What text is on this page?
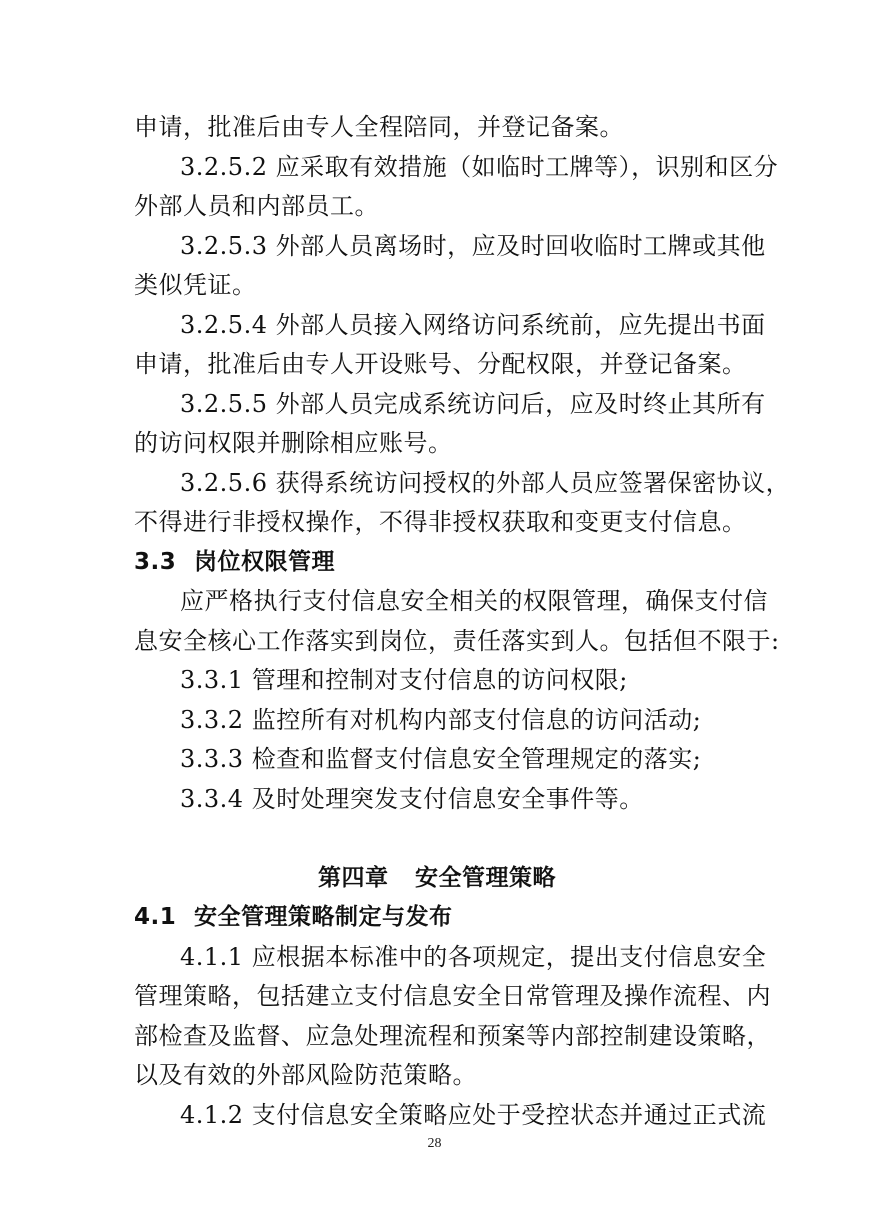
申请，批准后由专人全程陪同，并登记备案。
3.2.5.2 应采取有效措施（如临时工牌等），识别和区分
外部人员和内部员工。
3.2.5.3 外部人员离场时，应及时回收临时工牌或其他
类似凭证。
3.2.5.4 外部人员接入网络访问系统前，应先提出书面
申请，批准后由专人开设账号、分配权限，并登记备案。
3.2.5.5 外部人员完成系统访问后，应及时终止其所有
的访问权限并删除相应账号。
3.2.5.6 获得系统访问授权的外部人员应签署保密协议，
不得进行非授权操作，不得非授权获取和变更支付信息。
3.3 岗位权限管理
应严格执行支付信息安全相关的权限管理，确保支付信
息安全核心工作落实到岗位，责任落实到人。包括但不限于:
3.3.1 管理和控制对支付信息的访问权限;
3.3.2 监控所有对机构内部支付信息的访问活动;
3.3.3 检查和监督支付信息安全管理规定的落实;
3.3.4 及时处理突发支付信息安全事件等。
第四章 安全管理策略
4.1 安全管理策略制定与发布
4.1.1 应根据本标准中的各项规定，提出支付信息安全
管理策略，包括建立支付信息安全日常管理及操作流程、内
部检查及监督、应急处理流程和预案等内部控制建设策略，
以及有效的外部风险防范策略。
4.1.2 支付信息安全策略应处于受控状态并通过正式流
28
